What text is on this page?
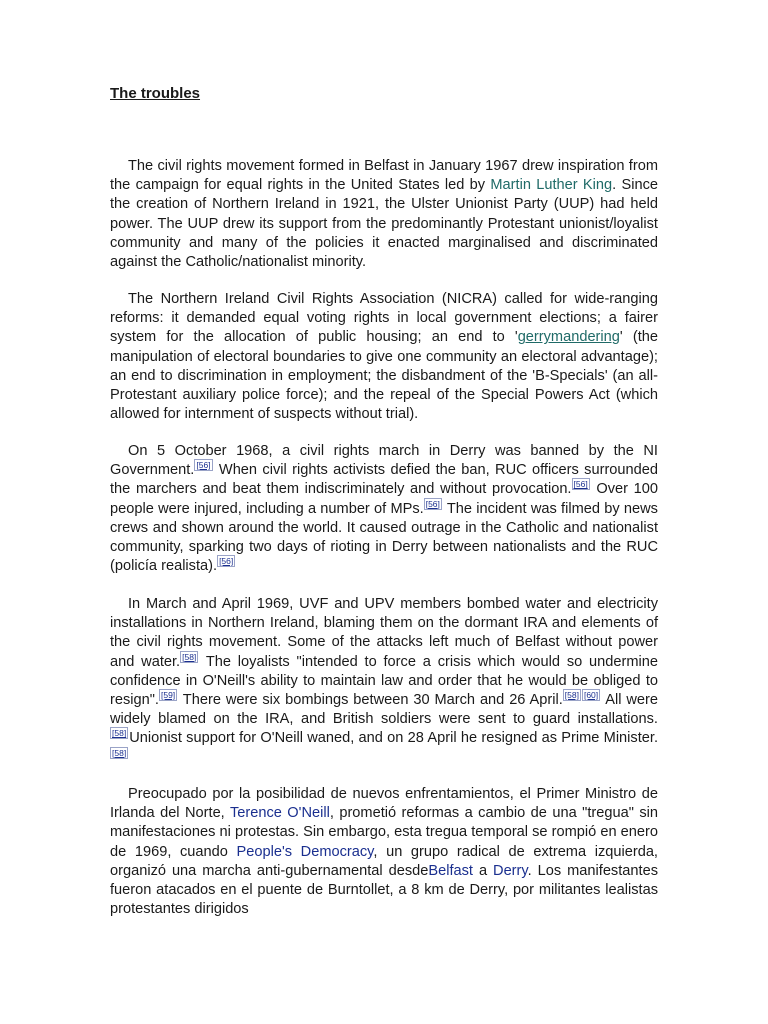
The troubles

The civil rights movement formed in Belfast in January 1967 drew inspiration from the campaign for equal rights in the United States led by Martin Luther King. Since the creation of Northern Ireland in 1921, the Ulster Unionist Party (UUP) had held power. The UUP drew its support from the predominantly Protestant unionist/loyalist community and many of the policies it enacted marginalised and discriminated against the Catholic/nationalist minority.

The Northern Ireland Civil Rights Association (NICRA) called for wide-ranging reforms: it demanded equal voting rights in local government elections; a fairer system for the allocation of public housing; an end to 'gerrymandering' (the manipulation of electoral boundaries to give one community an electoral advantage); an end to discrimination in employment; the disbandment of the 'B-Specials' (an all-Protestant auxiliary police force); and the repeal of the Special Powers Act (which allowed for internment of suspects without trial).

On 5 October 1968, a civil rights march in Derry was banned by the NI Government. [56] When civil rights activists defied the ban, RUC officers surrounded the marchers and beat them indiscriminately and without provocation. [56] Over 100 people were injured, including a number of MPs. [56] The incident was filmed by news crews and shown around the world. It caused outrage in the Catholic and nationalist community, sparking two days of rioting in Derry between nationalists and the RUC (policía realista). [56]

In March and April 1969, UVF and UPV members bombed water and electricity installations in Northern Ireland, blaming them on the dormant IRA and elements of the civil rights movement. Some of the attacks left much of Belfast without power and water. [58] The loyalists "intended to force a crisis which would so undermine confidence in O'Neill's ability to maintain law and order that he would be obliged to resign". [59] There were six bombings between 30 March and 26 April. [58] [60] All were widely blamed on the IRA, and British soldiers were sent to guard installations.[58] Unionist support for O'Neill waned, and on 28 April he resigned as Prime Minister.[58]

Preocupado por la posibilidad de nuevos enfrentamientos, el Primer Ministro de Irlanda del Norte, Terence O'Neill, prometió reformas a cambio de una "tregua" sin manifestaciones ni protestas. Sin embargo, esta tregua temporal se rompió en enero de 1969, cuando People's Democracy, un grupo radical de extrema izquierda, organizó una marcha anti-gubernamental desdeBelfast a Derry. Los manifestantes fueron atacados en el puente de Burntollet, a 8 km de Derry, por militantes lealistas protestantes dirigidos
